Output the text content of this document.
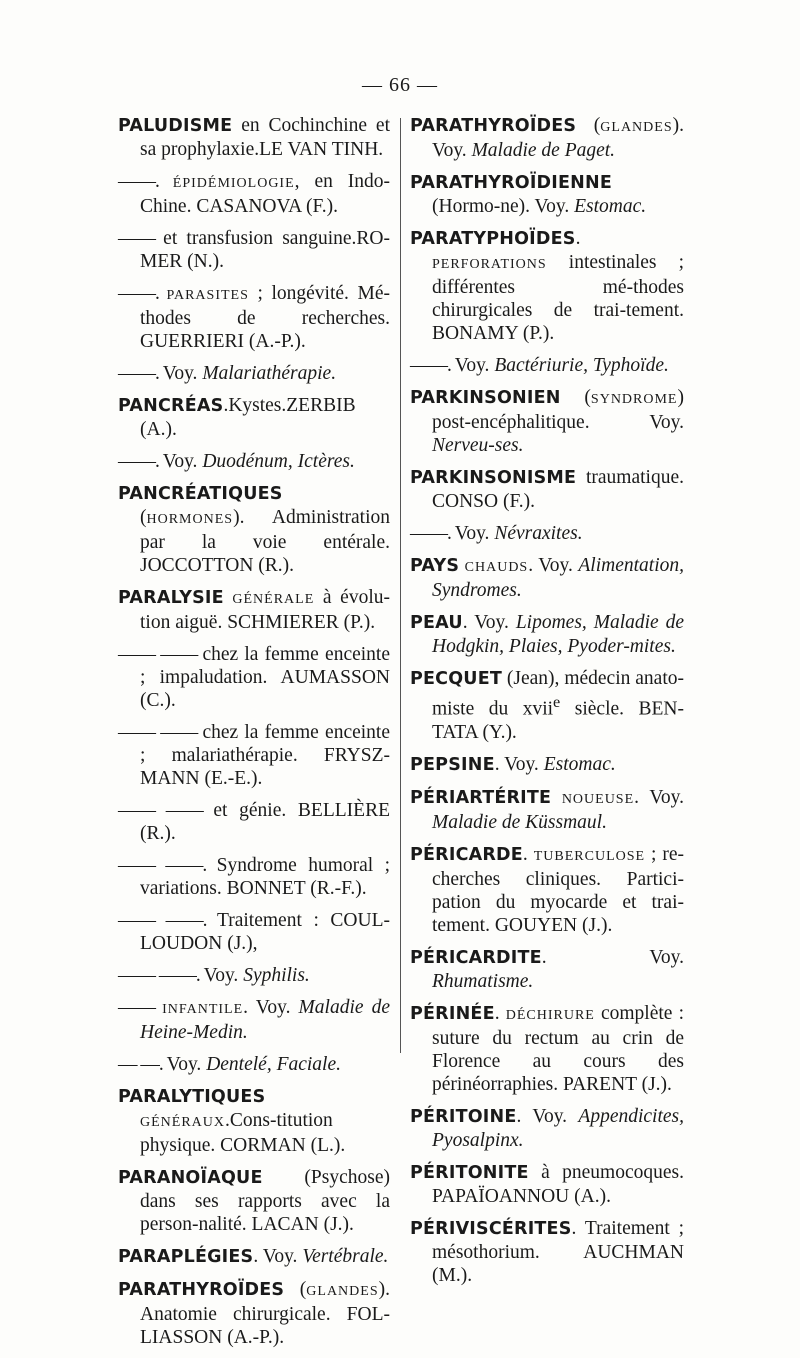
— 66 —

PALUDISME en Cochinchine et sa prophylaxie.LE VAN TINH.

——. ÉPIDÉMIOLOGIE, en Indo-Chine. CASANOVA (F.).

—— et transfusion sanguine.RO-MER (N.).

——. PARASITES ; longévité. Mé-thodes de recherches. GUERRIERI (A.-P.).

——. Voy. Malariathérapie.

PANCRÉAS.Kystes.ZERBIB (A.).

——. Voy. Duodénum, Ictères.

PANCRÉATIQUES (HORMONES). Administration par la voie entérale. JOCCOTTON (R.).

PARALYSIE GÉNÉRALE à évolu-tion aiguë. SCHMIERER (P.).

—— —— chez la femme enceinte ; impaludation. AUMASSON (C.).

—— —— chez la femme enceinte ; malariathérapie. FRYSZ-MANN (E.-E.).

—— —— et génie. BELLIÈRE (R.).

—— ——. Syndrome humoral ; variations. BONNET (R.-F.).

—— ——. Traitement : COUL-LOUDON (J.),

—— ——. Voy. Syphilis.

—— INFANTILE. Voy. Maladie de Heine-Medin.

— —. Voy. Dentelé, Faciale.

PARALYTIQUES GÉNÉRAUX.Cons-titution physique. CORMAN (L.).

PARANOÏAQUE (Psychose) dans ses rapports avec la person-nalité. LACAN (J.).

PARAPLÉGIES. Voy. Vertébrale.

PARATHYROÏDES (GLANDES). Anatomie chirurgicale. FOL-LIASSON (A.-P.).

PARATHYROÏDES (GLANDES). Voy. Maladie de Paget.

PARATHYROÏDIENNE (Hormo-ne). Voy. Estomac.

PARATYPHOÏDES. PERFORATIONS intestinales ; différentes mé-thodes chirurgicales de trai-tement. BONAMY (P.).

——. Voy. Bactériurie, Typhoïde.

PARKINSONIEN (SYNDROME) post-encéphalitique. Voy. Nerveu-ses.

PARKINSONISME traumatique. CONSO (F.).

——. Voy. Névraxites.

PAYS CHAUDS. Voy. Alimentation, Syndromes.

PEAU. Voy. Lipomes, Maladie de Hodgkin, Plaies, Pyoder-mites.

PECQUET (Jean), médecin anato-miste du xvii$^e$ siècle. BEN-TATA (Y.).

PEPSINE. Voy. Estomac.

PÉRIARTÉRITE NOUEUSE. Voy. Maladie de Küssmaul.

PÉRICARDE. TUBERCULOSE ; re-cherches cliniques. Partici-pation du myocarde et trai-tement. GOUYEN (J.).

PÉRICARDITE. Voy. Rhumatisme.

PÉRINÉE. DÉCHIRURE complète : suture du rectum au crin de Florence au cours des périnéorraphies. PARENT (J.).

PÉRITOINE. Voy. Appendicites, Pyosalpinx.

PÉRITONITE à pneumocoques. PAPAÏOANNOU (A.).

PÉRIVISCÉRITES. Traitement ; mésothorium. AUCHMAN (M.).
